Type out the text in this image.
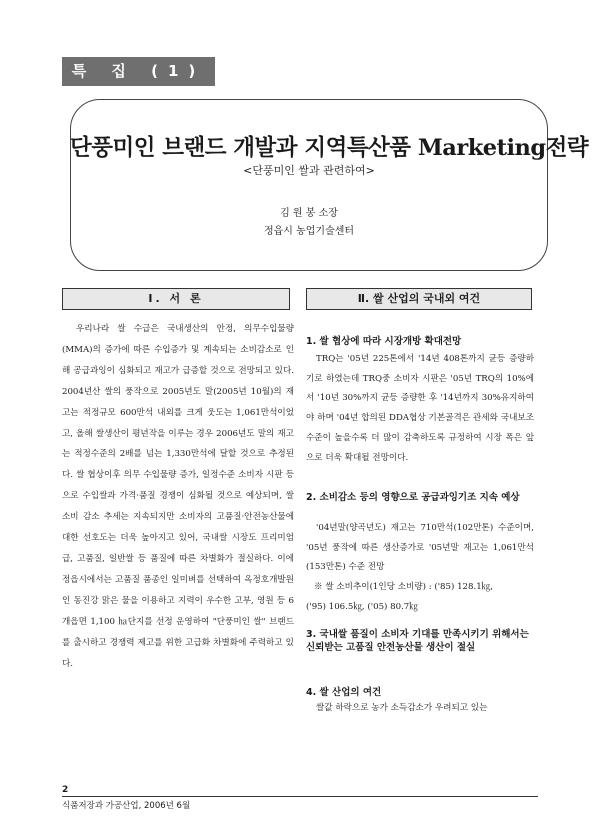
특 집 (1)
단풍미인 브랜드 개발과 지역특산품 Marketing전략
<단풍미인 쌀과 관련하여>
김 원 봉 소장
정읍시 농업기술센터
Ⅰ. 서 론	Ⅱ. 쌀 산업의 국내외 여건

우리나라 쌀 수급은 국내생산의 안정, 의무수입물량(MMA)의 증가에 따른 수입증가 및 계속되는 소비감소로 인해 공급과잉이 심화되고 재고가 급증할 것으로 전망되고 있다. 2004년산 쌀의 풍작으로 2005년도 말(2005년 10월)의 재고는 적정규모 600만석 내외를 크게 웃도는 1,061만석이었고, 올해 쌀생산이 평년작을 이루는 경우 2006년도 말의 재고는 적정수준의 2배를 넘는 1,330만석에 달할 것으로 추정된다. 쌀 협상이후 의무 수입물량 증가, 일정수준 소비자 시판 등으로 수입쌀과 가격·품질 경쟁이 심화될 것으로 예상되며, 쌀 소비 감소 추세는 지속되지만 소비자의 고품질·안전농산물에 대한 선호도는 더욱 높아지고 있어, 국내쌀 시장도 프리미엄급, 고품질, 일반쌀 등 품질에 따른 차별화가 절실하다. 이에 정읍시에서는 고품질 품종인 일미벼를 선택하여 옥정호개발원인 동진강 맑은 물을 이용하고 지력이 우수한 고부, 영원 등 6개읍면 1,100 ㏊단지를 선정 운영하여 "단풍미인 쌀" 브랜드를 출시하고 경쟁력 제고를 위한 고급화 차별화에 주력하고 있다.

1. 쌀 협상에 따라 시장개방 확대전망

TRQ는 '05년 225톤에서 '14년 408톤까지 균등 증량하기로 하였는데 TRQ중 소비자 시판은 '05년 TRQ의 10%에서 '10년 30%까지 균등 증량한 후 '14년까지 30%유지하여야 하며 '04년 합의된 DDA협상 기본골격은 관세와 국내보조 수준이 높을수록 더 많이 감축하도록 규정하여 시장 폭은 앞으로 더욱 확대될 전망이다.

2. 소비감소 등의 영향으로 공급과잉기조 지속 예상

'04년말(양곡년도) 재고는 710만석(102만톤) 수준이며, '05년 풍작에 따른 생산증가로 '05년말 재고는 1,061만석(153만톤) 수준 전망

※ 쌀 소비추이(1인당 소비량) : ('85) 128.1㎏,

('95) 106.5㎏, ('05) 80.7㎏

3. 국내쌀 품질이 소비자 기대를 만족시키기 위해서는 신뢰받는 고품질 안전농산물 생산이 절실
4. 쌀 산업의 여건

쌀값 하락으로 농가 소득감소가 우려되고 있는

2
식품저장과 가공산업, 2006년 6월
